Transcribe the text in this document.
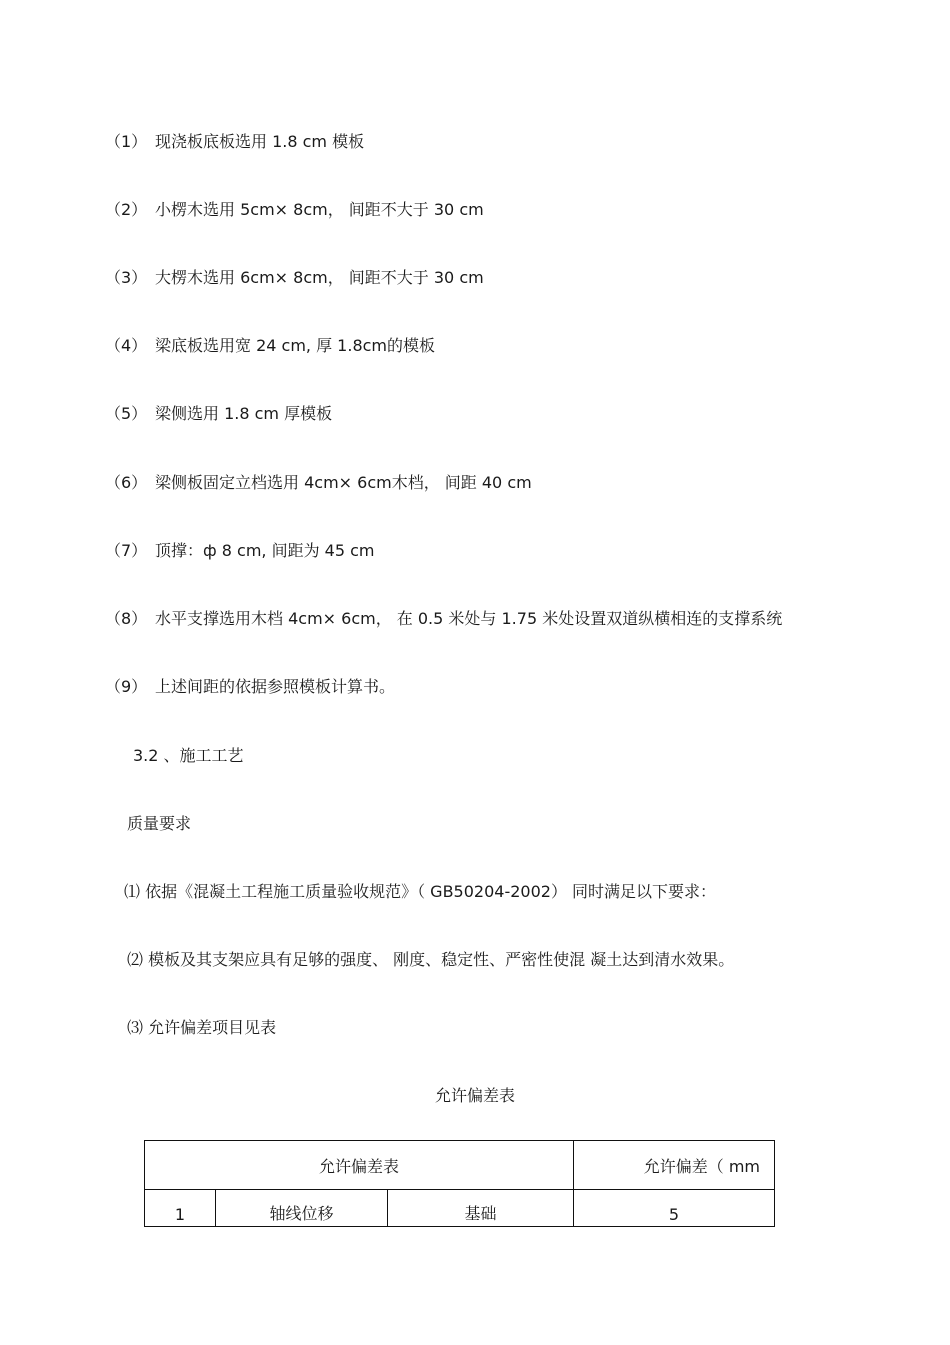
（1） 现浇板底板选用 1.8 cm 模板
（2） 小楞木选用 5cm× 8cm， 间距不大于 30 cm
（3） 大楞木选用 6cm× 8cm， 间距不大于 30 cm
（4） 梁底板选用宽 24 cm, 厚 1.8cm的模板
（5） 梁侧选用 1.8 cm 厚模板
（6） 梁侧板固定立档选用 4cm× 6cm木档， 间距 40 cm
（7） 顶撑：ф 8 cm, 间距为 45 cm
（8） 水平支撑选用木档 4cm× 6cm， 在 0.5 米处与 1.75 米处设置双道纵横相连的支撑系统
（9） 上述间距的依据参照模板计算书。
3.2 、施工工艺
质量要求
⑴ 依据《混凝土工程施工质量验收规范》（ GB50204-2002） 同时满足以下要求：
⑵ 模板及其支架应具有足够的强度、 刚度、稳定性、严密性使混 凝土达到清水效果。
⑶ 允许偏差项目见表
允许偏差表
允许偏差表			允许偏差（ mm
1	轴线位移	基础	5
